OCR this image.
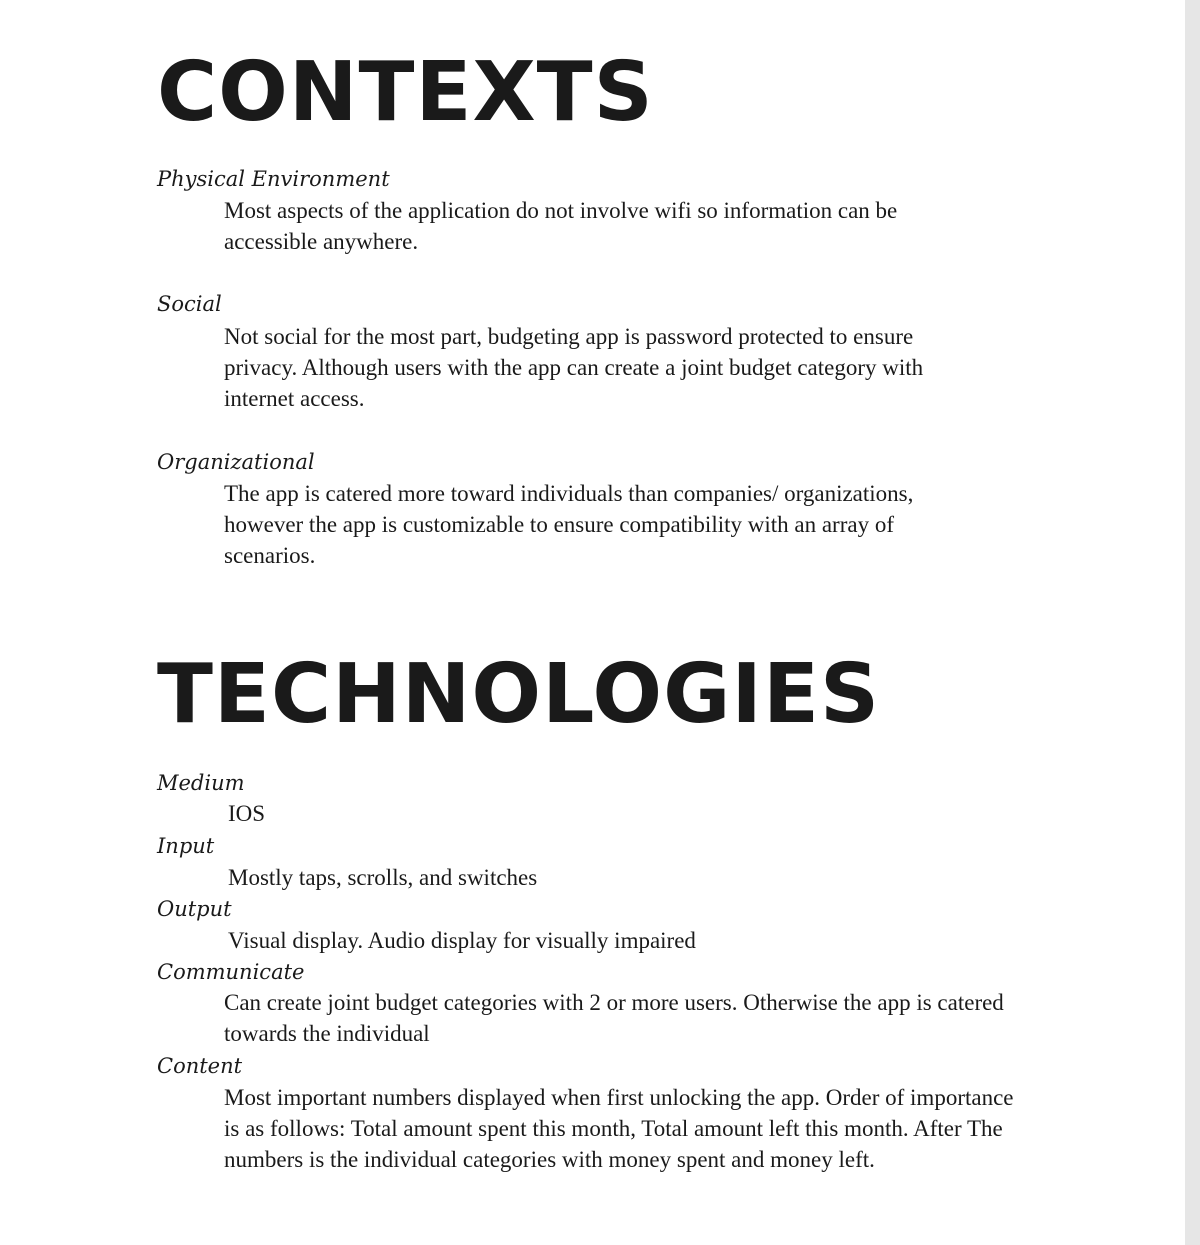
CONTEXTS
Physical Environment
Most aspects of the application do not involve wifi so information can be accessible anywhere.
Social
Not social for the most part, budgeting app is password protected to ensure privacy. Although users with the app can create a joint budget category with internet access.
Organizational
The app is catered more toward individuals than companies/ organizations, however the app is customizable to ensure compatibility with an array of scenarios.
TECHNOLOGIES
Medium
IOS
Input
Mostly taps, scrolls, and switches
Output
Visual display. Audio display for visually impaired
Communicate
Can create joint budget categories with 2 or more users. Otherwise the app is catered towards the individual
Content
Most important numbers displayed when first unlocking the app. Order of importance is as follows: Total amount spent this month, Total amount left this month. After The numbers is the individual categories with money spent and money left.
